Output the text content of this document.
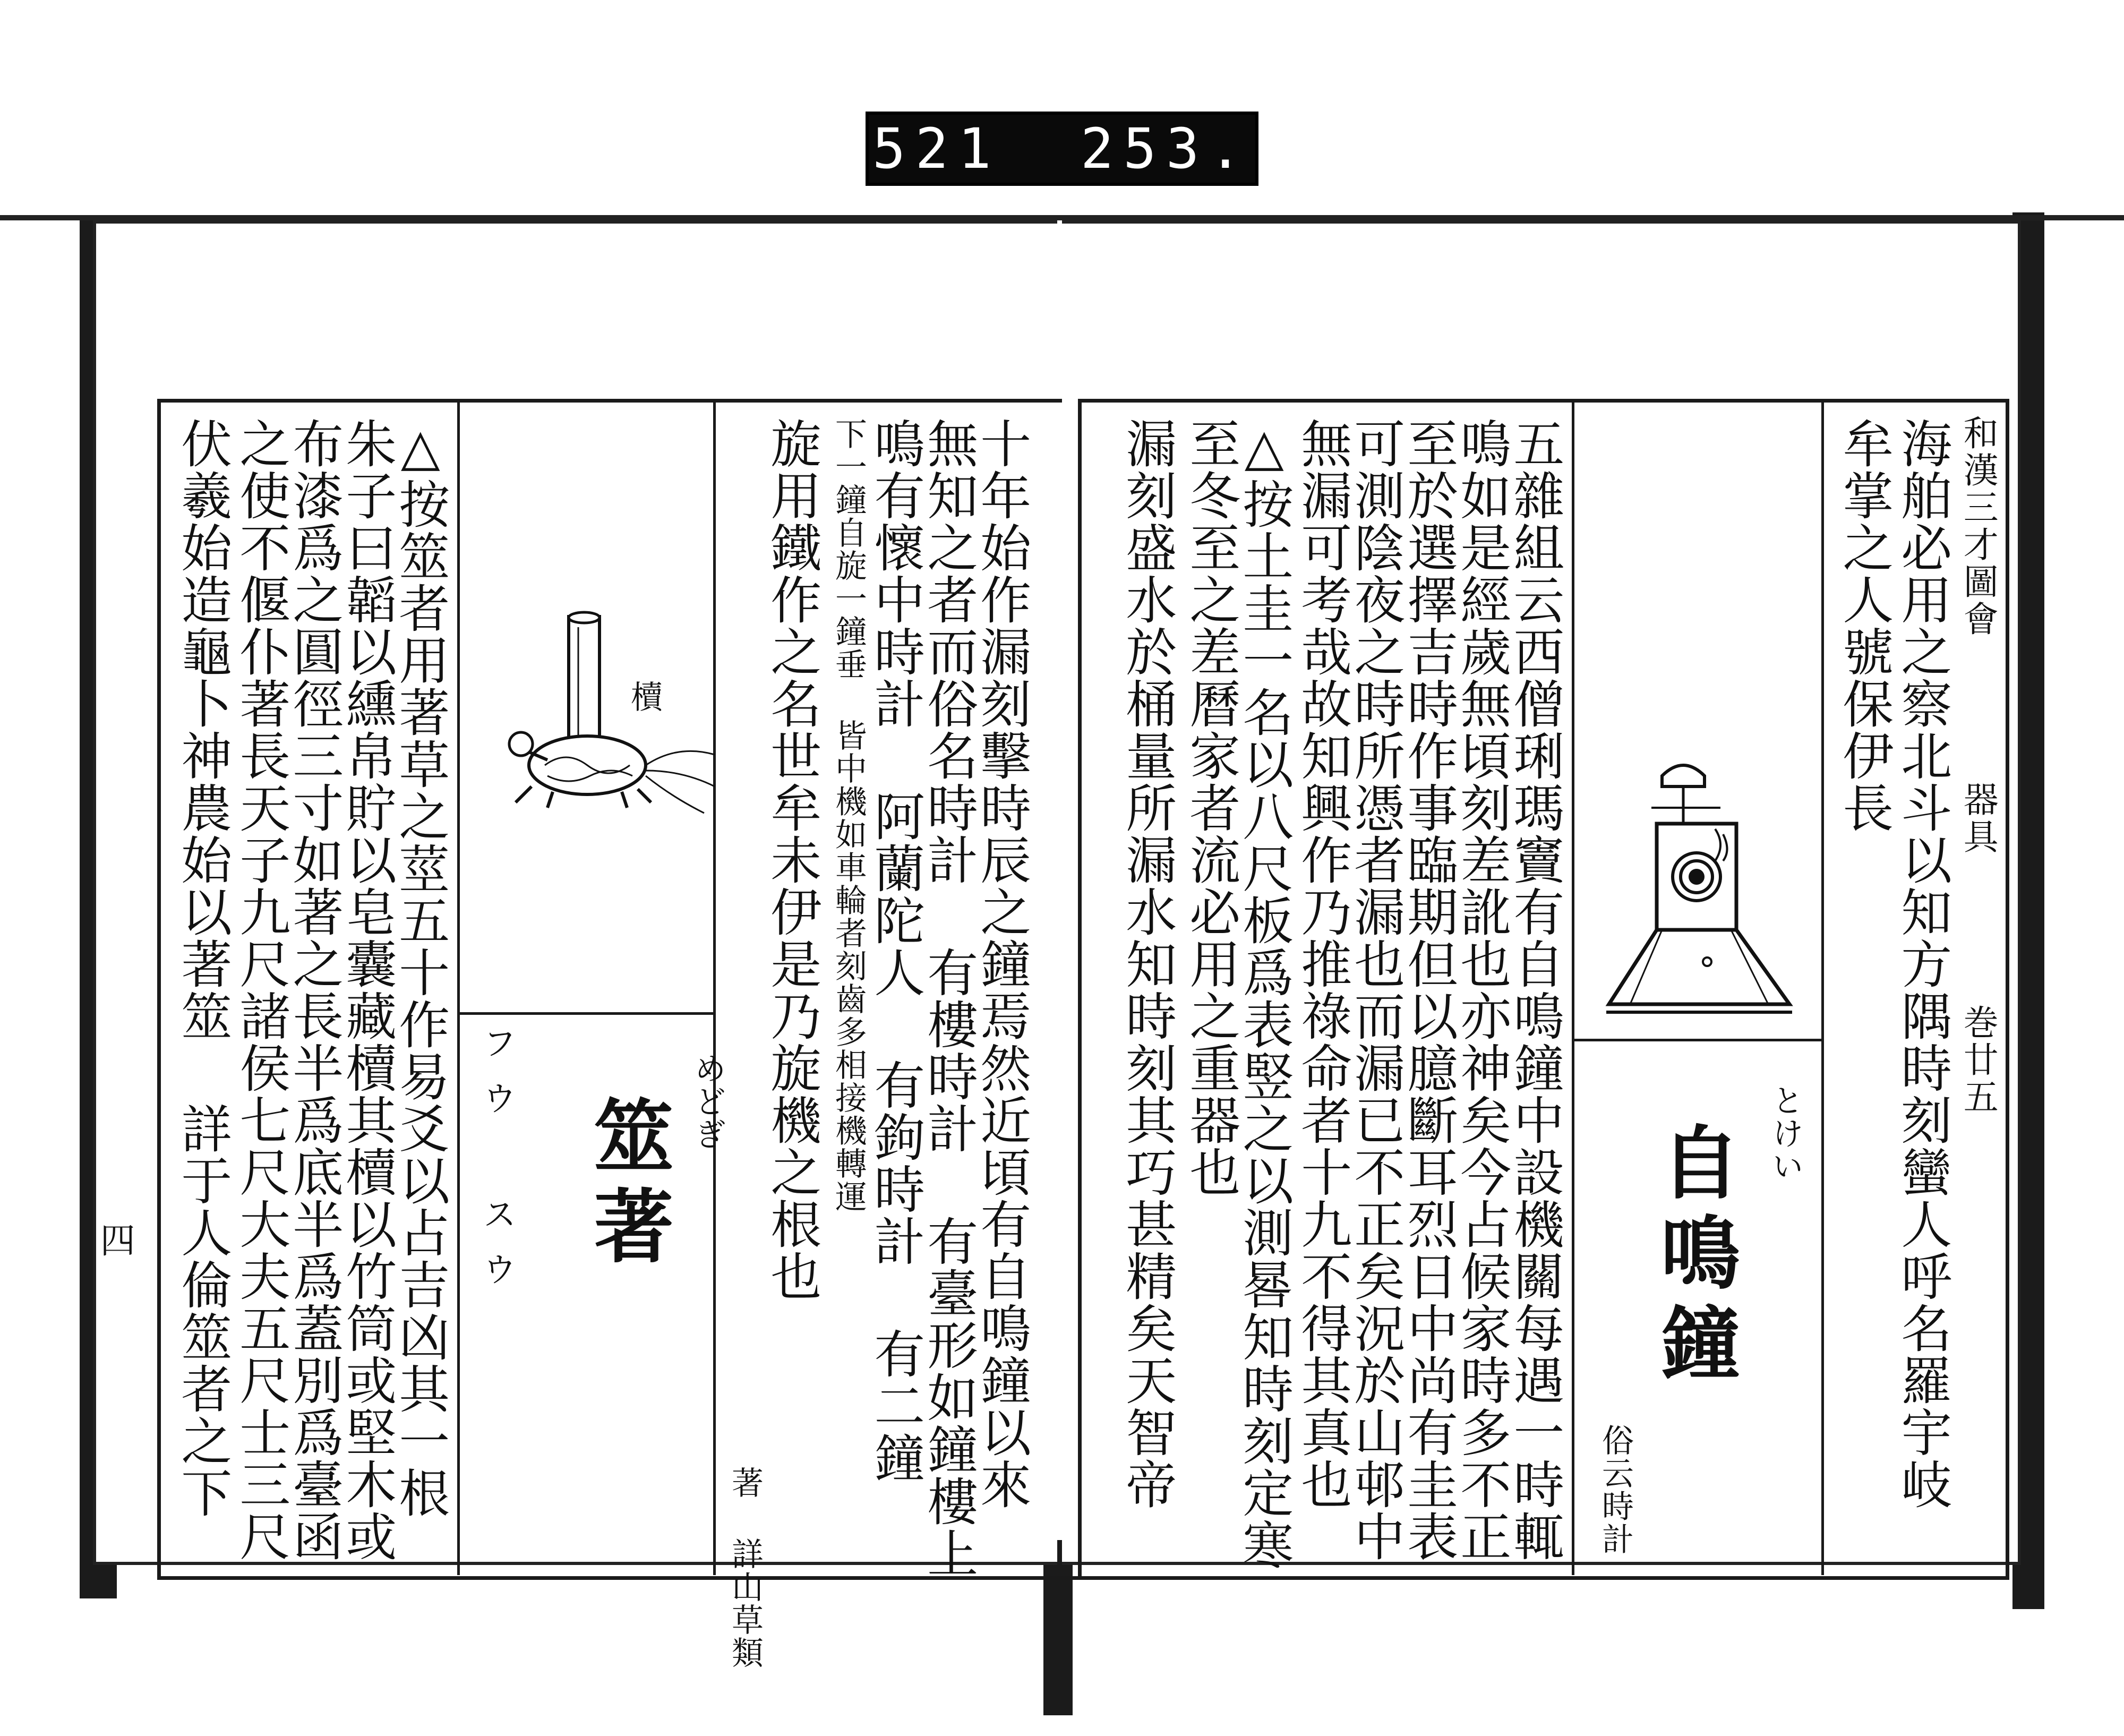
521 253.
十年始作漏刻擊時辰之鐘焉然近頃有自鳴鐘以來
無知之者而俗名時計 有樓時計 有臺形如鐘樓上
鳴有懷中時計 阿蘭陀人 有鉤時計 有二鐘
下一鐘自旋一鐘垂 皆中機如車輪者刻齒多相接機轉運
旋用鐵作之名世牟未伊是乃旋機之根也
著 詳山草類
櫝
めどぎ
筮著
フウ スウ
△按筮者用著草之莖五十作易爻以占吉凶其一根
朱子曰韜以纁帛貯以皂囊藏櫝其櫝以竹筒或堅木或
布漆爲之圓徑三寸如著之長半爲底半爲蓋別爲臺函
之使不偃仆著長天子九尺諸侯七尺大夫五尺士三尺
伏羲始造龜卜神農始以著筮 詳于人倫筮者之下
四
和漢三才圖會
器具
巻廿五
海舶必用之察北斗以知方隅時刻蠻人呼名羅宇岐
牟掌之人號保伊長
とけい
自鳴鐘
俗云時計
五雜組云西僧琍瑪竇有自鳴鐘中設機關每遇一時輒
鳴如是經歲無頃刻差訛也亦神矣今占候家時多不正
至於選擇吉時作事臨期但以臆斷耳烈日中尚有圭表
可測陰夜之時所憑者漏也而漏已不正矣況於山邨中
無漏可考哉故知興作乃推祿命者十九不得其真也
△按土圭一名以八尺板爲表竪之以測晷知時刻定寒
至冬至之差曆家者流必用之重器也
漏刻盛水於桶量所漏水知時刻其巧甚精矣天智帝
